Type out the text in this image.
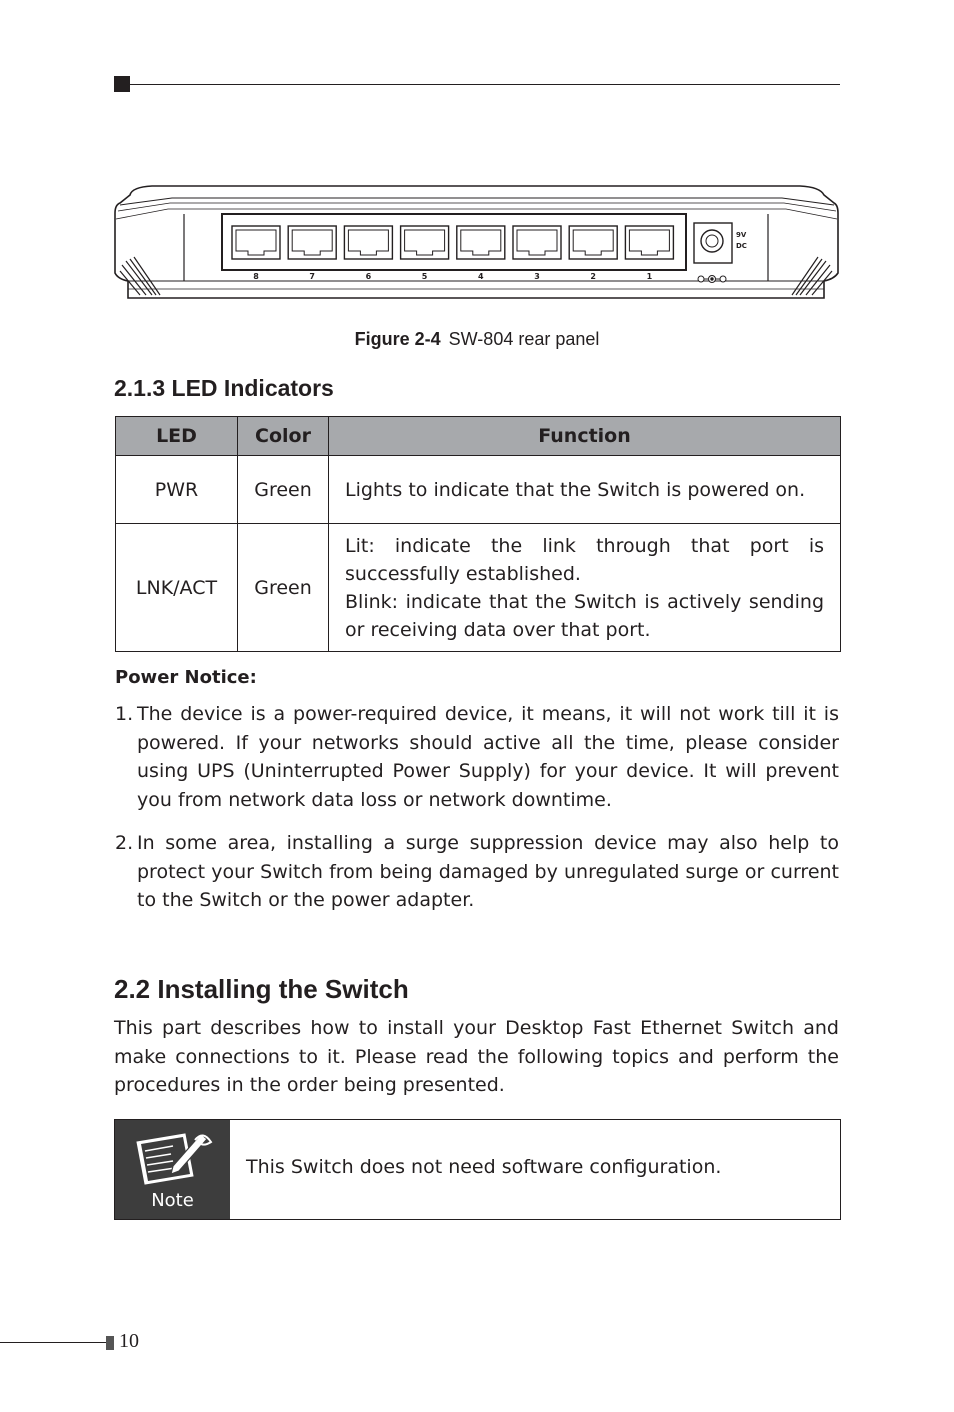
8	7	6	5	4	3	2	1
9V
DC
Figure 2-4 SW-804 rear panel
2.1.3 LED Indicators
LED	Color	Function
PWR	Green	Lights to indicate that the Switch is powered on.

LNK/ACT	Green	Lit: indicate the link through that port is successfully established.
Blink: indicate that the Switch is actively sending or receiving data over that port.
Power Notice:
1. The device is a power-required device, it means, it will not work till it is powered. If your networks should active all the time, please consider using UPS (Uninterrupted Power Supply) for your device. It will prevent you from network data loss or network downtime.
2. In some area, installing a surge suppression device may also help to protect your Switch from being damaged by unregulated surge or current to the Switch or the power adapter.
2.2 Installing the Switch
This part describes how to install your Desktop Fast Ethernet Switch and make connections to it. Please read the following topics and perform the procedures in the order being presented.
Note
This Switch does not need software configuration.
10
